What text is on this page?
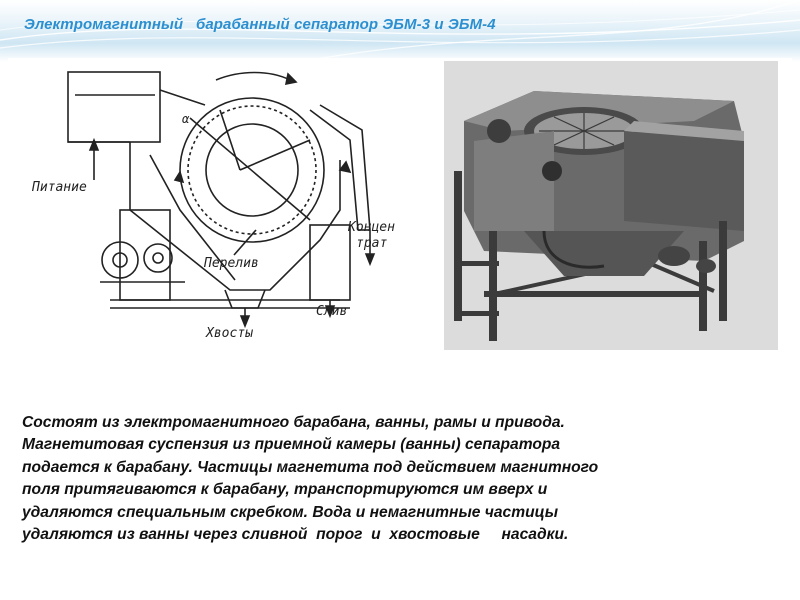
Электромагнитный   барабанный сепаратор ЭБМ-3 и ЭБМ-4
Питание
Концен
трат
Перелив
Слив
Хвосты
α
Состоят из электромагнитного барабана, ванны, рамы и привода.
Магнетитовая суспензия из приемной камеры (ванны) сепаратора
подается к барабану. Частицы магнетита под действием магнитного
поля притягиваются к барабану, транспортируются им вверх и
удаляются специальным скребком. Вода и немагнитные частицы
удаляются из ванны через сливной  порог  и  хвостовые     насадки.
